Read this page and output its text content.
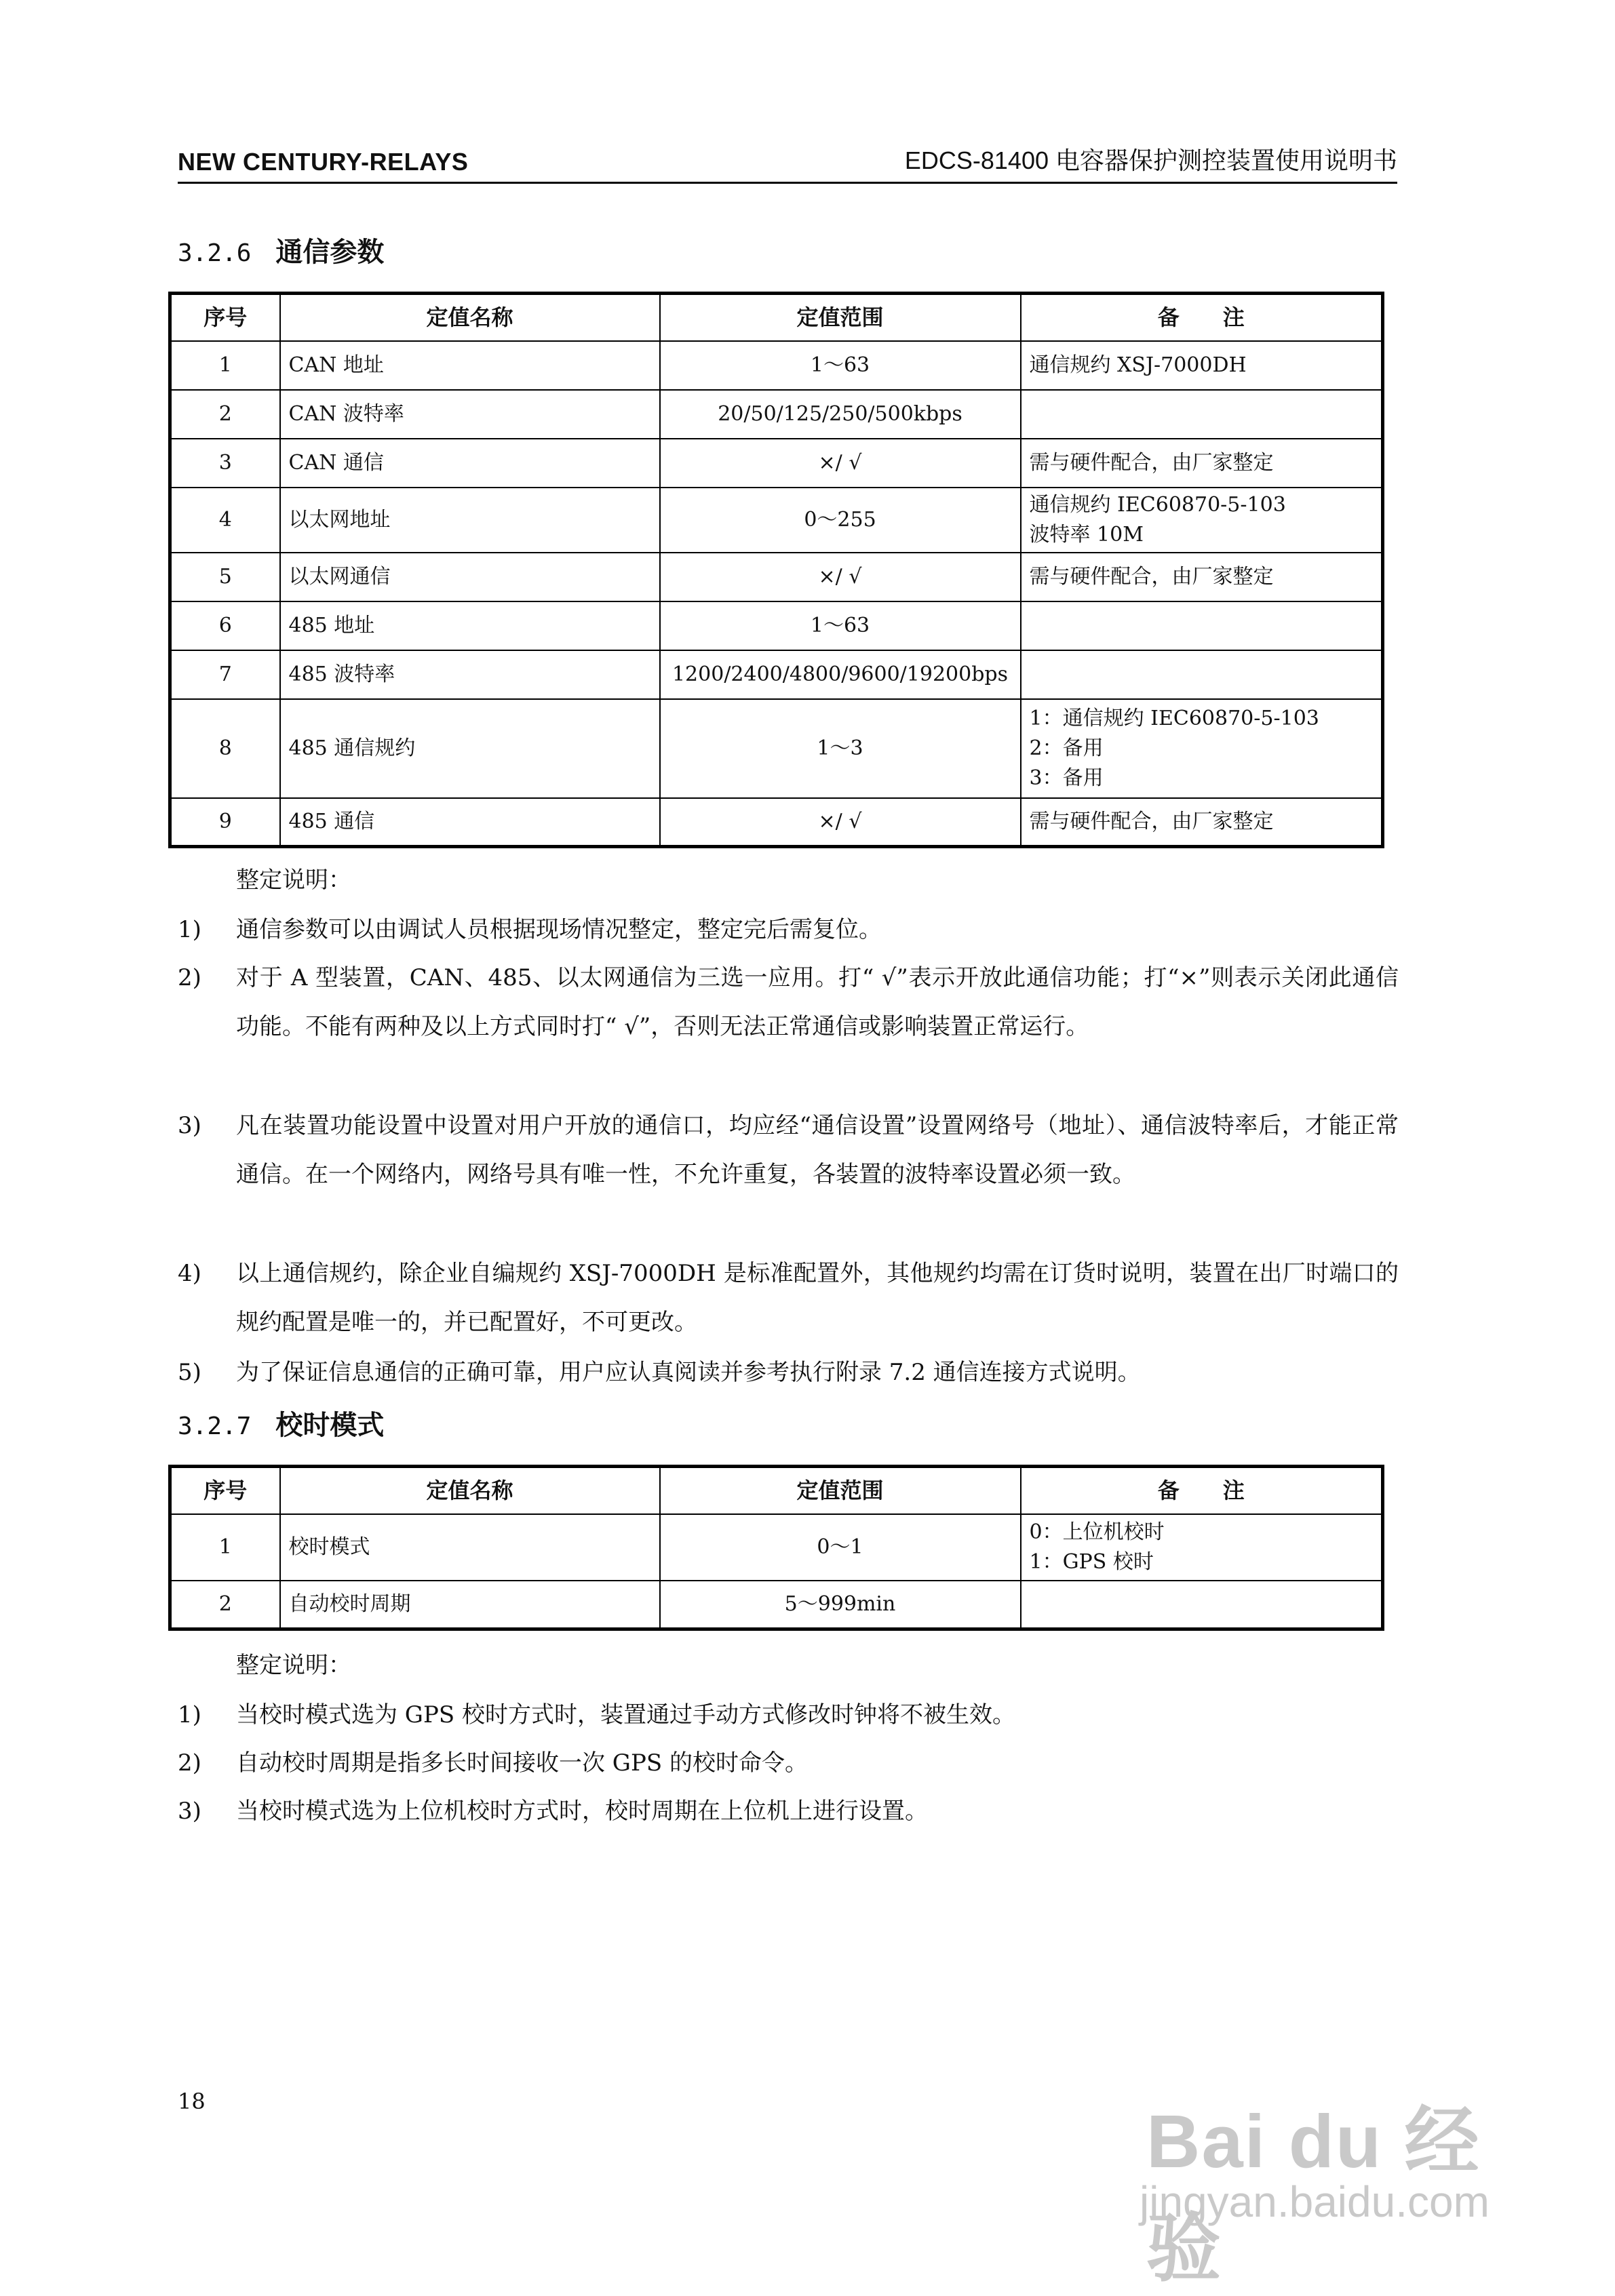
NEW CENTURY-RELAYS	EDCS-81400 电容器保护测控装置使用说明书
3.2.6 通信参数
序号	定值名称	定值范围	备　　注
1	CAN 地址	1～63	通信规约 XSJ-7000DH

2	CAN 波特率	20/50/125/250/500kbps	

3	CAN 通信	×/ √	需与硬件配合，由厂家整定

4	以太网地址	0～255	通信规约 IEC60870-5-103
波特率 10M

5	以太网通信	×/ √	需与硬件配合，由厂家整定

6	485 地址	1～63	

7	485 波特率	1200/2400/4800/9600/19200bps	

8	485 通信规约	1～3	1：通信规约 IEC60870-5-103
2：备用
3：备用

9	485 通信	×/ √	需与硬件配合，由厂家整定
整定说明：
1) 通信参数可以由调试人员根据现场情况整定，整定完后需复位。
2) 对于 A 型装置，CAN、485、以太网通信为三选一应用。打“ √”表示开放此通信功能；打“×”则表示关闭此通信功能。不能有两种及以上方式同时打“ √”，否则无法正常通信或影响装置正常运行。
3) 凡在装置功能设置中设置对用户开放的通信口，均应经“通信设置”设置网络号（地址）、通信波特率后，才能正常通信。在一个网络内，网络号具有唯一性，不允许重复，各装置的波特率设置必须一致。
4) 以上通信规约，除企业自编规约 XSJ-7000DH 是标准配置外，其他规约均需在订货时说明，装置在出厂时端口的规约配置是唯一的，并已配置好，不可更改。
5) 为了保证信息通信的正确可靠，用户应认真阅读并参考执行附录 7.2 通信连接方式说明。
3.2.7 校时模式
序号	定值名称	定值范围	备　　注
1	校时模式	0～1	0：上位机校时
1：GPS 校时

2	自动校时周期	5～999min	
整定说明：
1) 当校时模式选为 GPS 校时方式时，装置通过手动方式修改时钟将不被生效。
2) 自动校时周期是指多长时间接收一次 GPS 的校时命令。
3) 当校时模式选为上位机校时方式时，校时周期在上位机上进行设置。
18	Bai du 经验
jingyan.baidu.com
